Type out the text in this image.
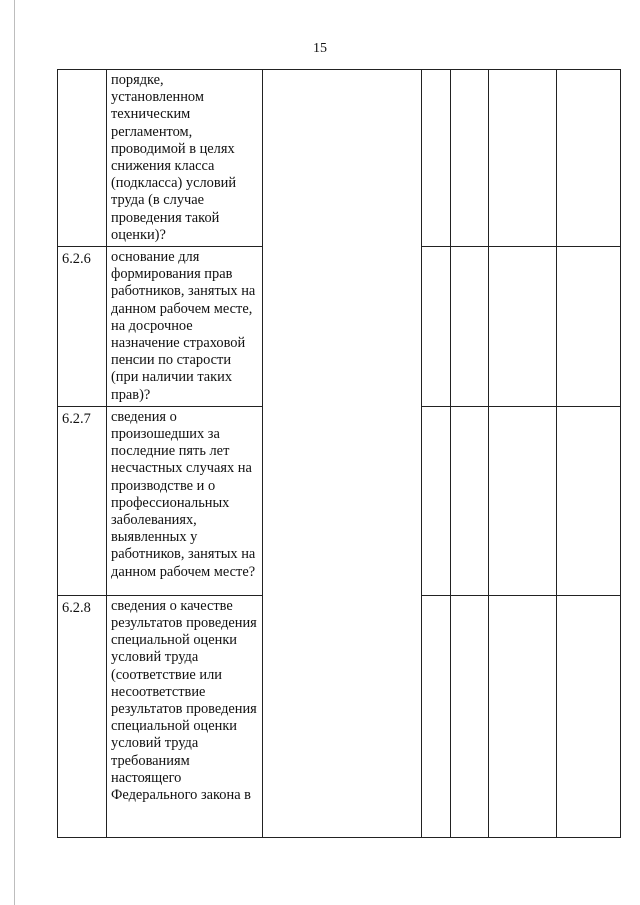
15

	порядке, установленном техническим регламентом, проводимой в целях снижения класса (подкласса) условий труда (в случае проведения такой оценки)?					

6.2.6	основание для формирования прав работников, занятых на данном рабочем месте, на досрочное назначение страховой пенсии по старости (при наличии таких прав)?					

6.2.7	сведения о произошедших за последние пять лет несчастных случаях на производстве и о профессиональных заболеваниях, выявленных у работников, занятых на данном рабочем месте?					

6.2.8	сведения о качестве результатов проведения специальной оценки условий труда (соответствие или несоответствие результатов проведения специальной оценки условий труда требованиям настоящего Федерального закона в					
